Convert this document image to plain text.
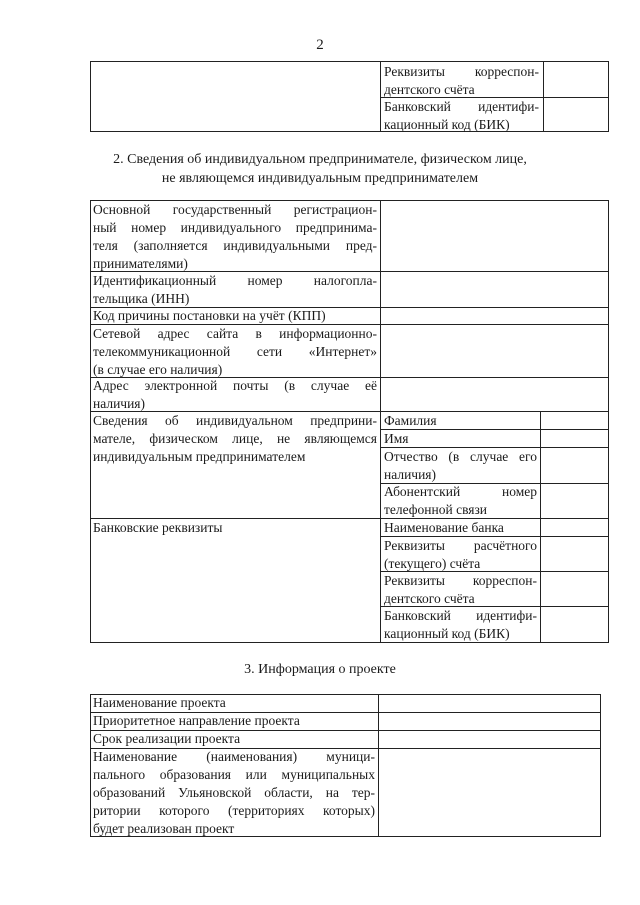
2
Реквизиты корреспон-
дентского счёта
Банковский идентифи-
кационный код (БИК)
2. Сведения об индивидуальном предпринимателе, физическом лице,
не являющемся индивидуальным предпринимателем
Основной государственный регистрацион-
ный номер индивидуального предпринима-
теля (заполняется индивидуальными пред-
принимателями)
Идентификационный номер налогопла-
тельщика (ИНН)
Код причины постановки на учёт (КПП)
Сетевой адрес сайта в информационно-
телекоммуникационной сети «Интернет»
(в случае его наличия)
Адрес электронной почты (в случае её
наличия)
Сведения об индивидуальном предприни-
мателе, физическом лице, не являющемся
индивидуальным предпринимателем
Банковские реквизиты
Фамилия
Имя
Отчество (в случае его
наличия)
Абонентский номер
телефонной связи
Наименование банка
Реквизиты расчётного
(текущего) счёта
Реквизиты корреспон-
дентского счёта
Банковский идентифи-
кационный код (БИК)
3. Информация о проекте
Наименование проекта
Приоритетное направление проекта
Срок реализации проекта
Наименование (наименования) муници-
пального образования или муниципальных
образований Ульяновской области, на тер-
ритории которого (территориях которых)
будет реализован проект
